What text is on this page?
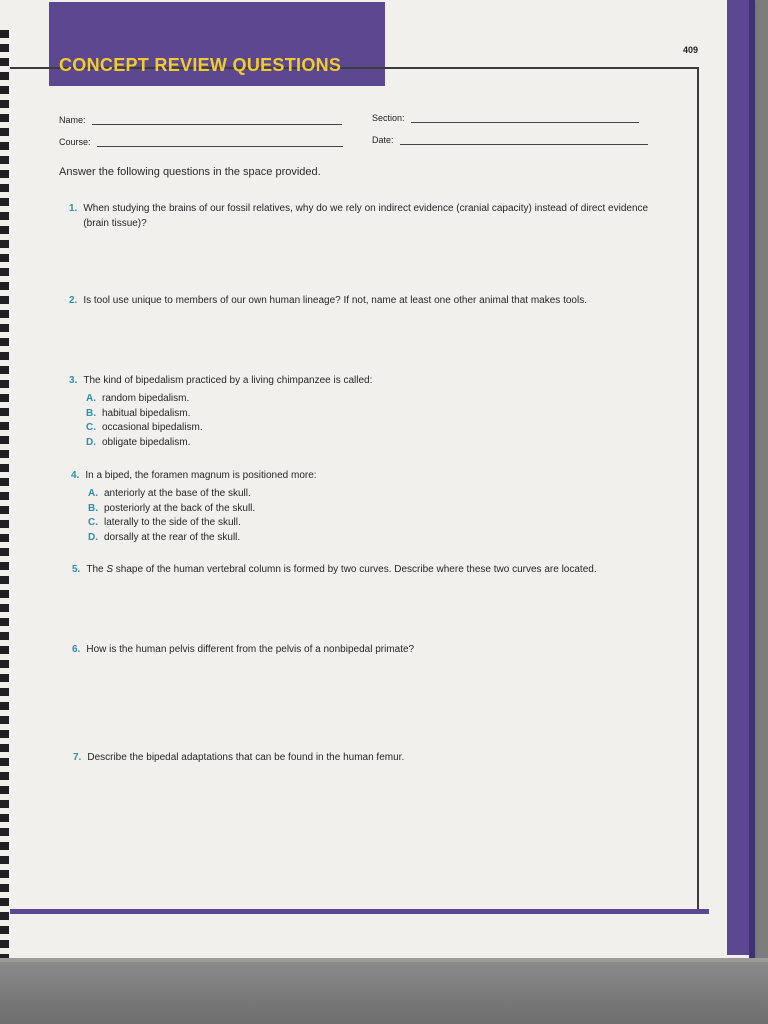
CONCEPT REVIEW QUESTIONS
409
Name:	Section:
Course:	Date:
Answer the following questions in the space provided.
1. When studying the brains of our fossil relatives, why do we rely on indirect evidence (cranial capacity) instead of direct evidence (brain tissue)?
2. Is tool use unique to members of our own human lineage? If not, name at least one other animal that makes tools.
3. The kind of bipedalism practiced by a living chimpanzee is called:
A. random bipedalism.
B. habitual bipedalism.
C. occasional bipedalism.
D. obligate bipedalism.
4. In a biped, the foramen magnum is positioned more:
A. anteriorly at the base of the skull.
B. posteriorly at the back of the skull.
C. laterally to the side of the skull.
D. dorsally at the rear of the skull.
5. The S shape of the human vertebral column is formed by two curves. Describe where these two curves are located.
6. How is the human pelvis different from the pelvis of a nonbipedal primate?
7. Describe the bipedal adaptations that can be found in the human femur.
